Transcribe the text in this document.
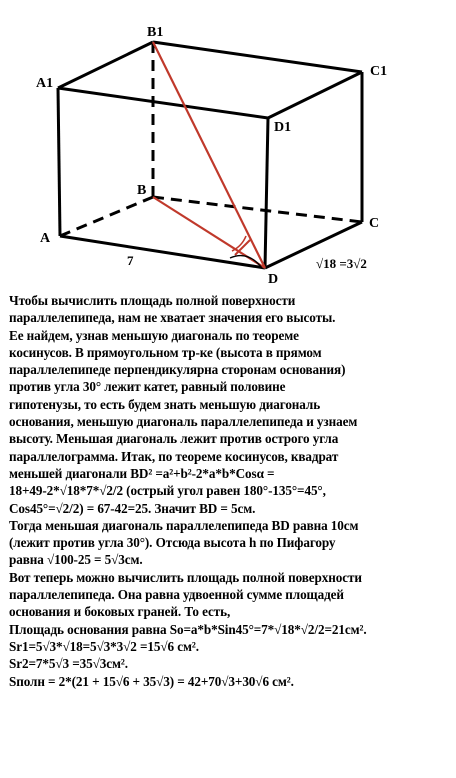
B1
A1
C1
D1
B
C
A
D
7	√18 =3√2

Чтобы вычислить площадь полной поверхности

параллелепипеда, нам не хватает значения его высоты.

Ее найдем, узнав меньшую диагональ по теореме

косинусов. В прямоугольном тр-ке (высота в прямом

параллелепипеде перпендикулярна сторонам основания)

против угла 30° лежит катет, равный половине

гипотенузы, то есть будем знать меньшую диагональ

основания, меньшую диагональ параллелепипеда и узнаем

высоту. Меньшая диагональ лежит против острого угла

параллелограмма. Итак, по теореме косинусов, квадрат

меньшей диагонали BD² =a²+b²-2*a*b*Cosα =

18+49-2*√18*7*√2/2 (острый угол равен 180°-135°=45°,

Cos45°=√2/2) = 67-42=25. Значит BD = 5см.

Тогда меньшая диагональ параллелепипеда BD равна 10см

(лежит против угла 30°). Отсюда высота h по Пифагору

равна √100-25 = 5√3см.

Вот теперь можно вычислить площадь полной поверхности

параллелепипеда. Она равна удвоенной сумме площадей

основания и боковых граней. То есть,

Площадь основания равна So=a*b*Sin45°=7*√18*√2/2=21см².

Sr1=5√3*√18=5√3*3√2 =15√6 см².

Sr2=7*5√3 =35√3см².

Sполн = 2*(21 + 15√6 + 35√3) = 42+70√3+30√6 см².
